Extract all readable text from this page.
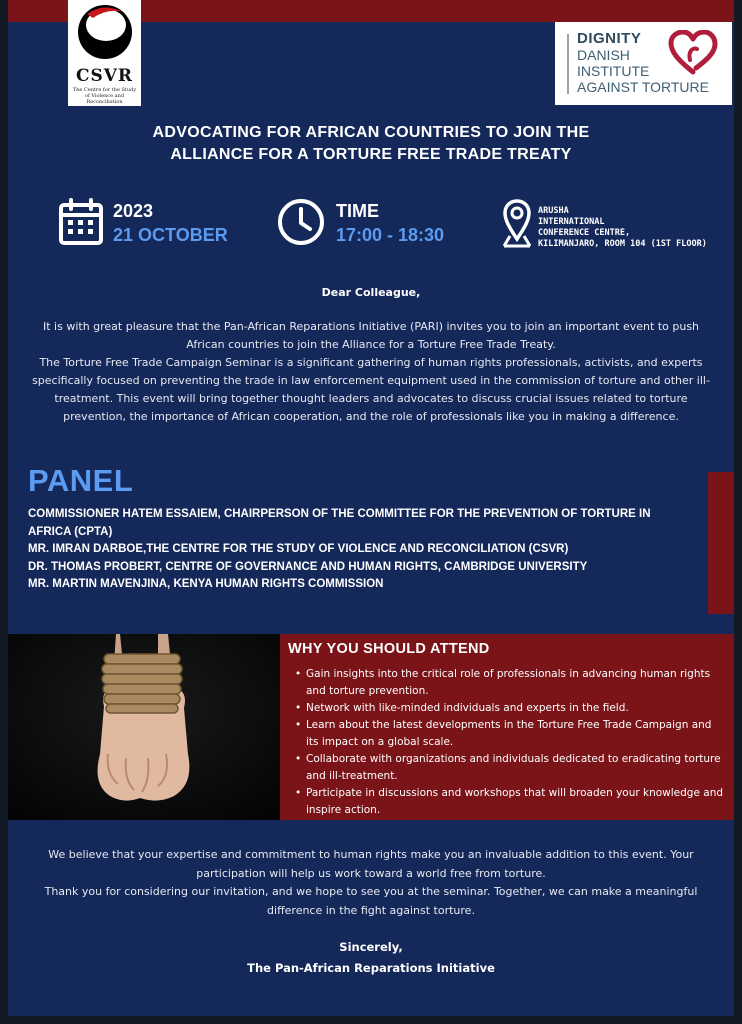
CSVR
The Centre for the Study of Violence and Reconciliation
DIGNITY
DANISH
INSTITUTE
AGAINST TORTURE
ADVOCATING FOR AFRICAN COUNTRIES TO JOIN THE
ALLIANCE FOR A TORTURE FREE TRADE TREATY
2023
21 OCTOBER
TIME
17:00 - 18:30
ARUSHA
INTERNATIONAL
CONFERENCE CENTRE,
KILIMANJARO, ROOM 104 (1ST FLOOR)
Dear Colleague,

It is with great pleasure that the Pan-African Reparations Initiative (PARI) invites you to join an important event to push African countries to join the Alliance for a Torture Free Trade Treaty.

The Torture Free Trade Campaign Seminar is a significant gathering of human rights professionals, activists, and experts specifically focused on preventing the trade in law enforcement equipment used in the commission of torture and other ill-treatment. This event will bring together thought leaders and advocates to discuss crucial issues related to torture prevention, the importance of African cooperation, and the role of professionals like you in making a difference.

PANEL
COMMISSIONER HATEM ESSAIEM, CHAIRPERSON OF THE COMMITTEE FOR THE PREVENTION OF TORTURE IN AFRICA (CPTA)
MR. IMRAN DARBOE,THE CENTRE FOR THE STUDY OF VIOLENCE AND RECONCILIATION (CSVR)
DR. THOMAS PROBERT, CENTRE OF GOVERNANCE AND HUMAN RIGHTS, CAMBRIDGE UNIVERSITY
MR. MARTIN MAVENJINA, KENYA HUMAN RIGHTS COMMISSION
WHY YOU SHOULD ATTEND
• Gain insights into the critical role of professionals in advancing human rights and torture prevention.
• Network with like-minded individuals and experts in the field.
• Learn about the latest developments in the Torture Free Trade Campaign and its impact on a global scale.
• Collaborate with organizations and individuals dedicated to eradicating torture and ill-treatment.
• Participate in discussions and workshops that will broaden your knowledge and inspire action.

We believe that your expertise and commitment to human rights make you an invaluable addition to this event. Your participation will help us work toward a world free from torture.

Thank you for considering our invitation, and we hope to see you at the seminar. Together, we can make a meaningful difference in the fight against torture.

Sincerely,
The Pan-African Reparations Initiative
